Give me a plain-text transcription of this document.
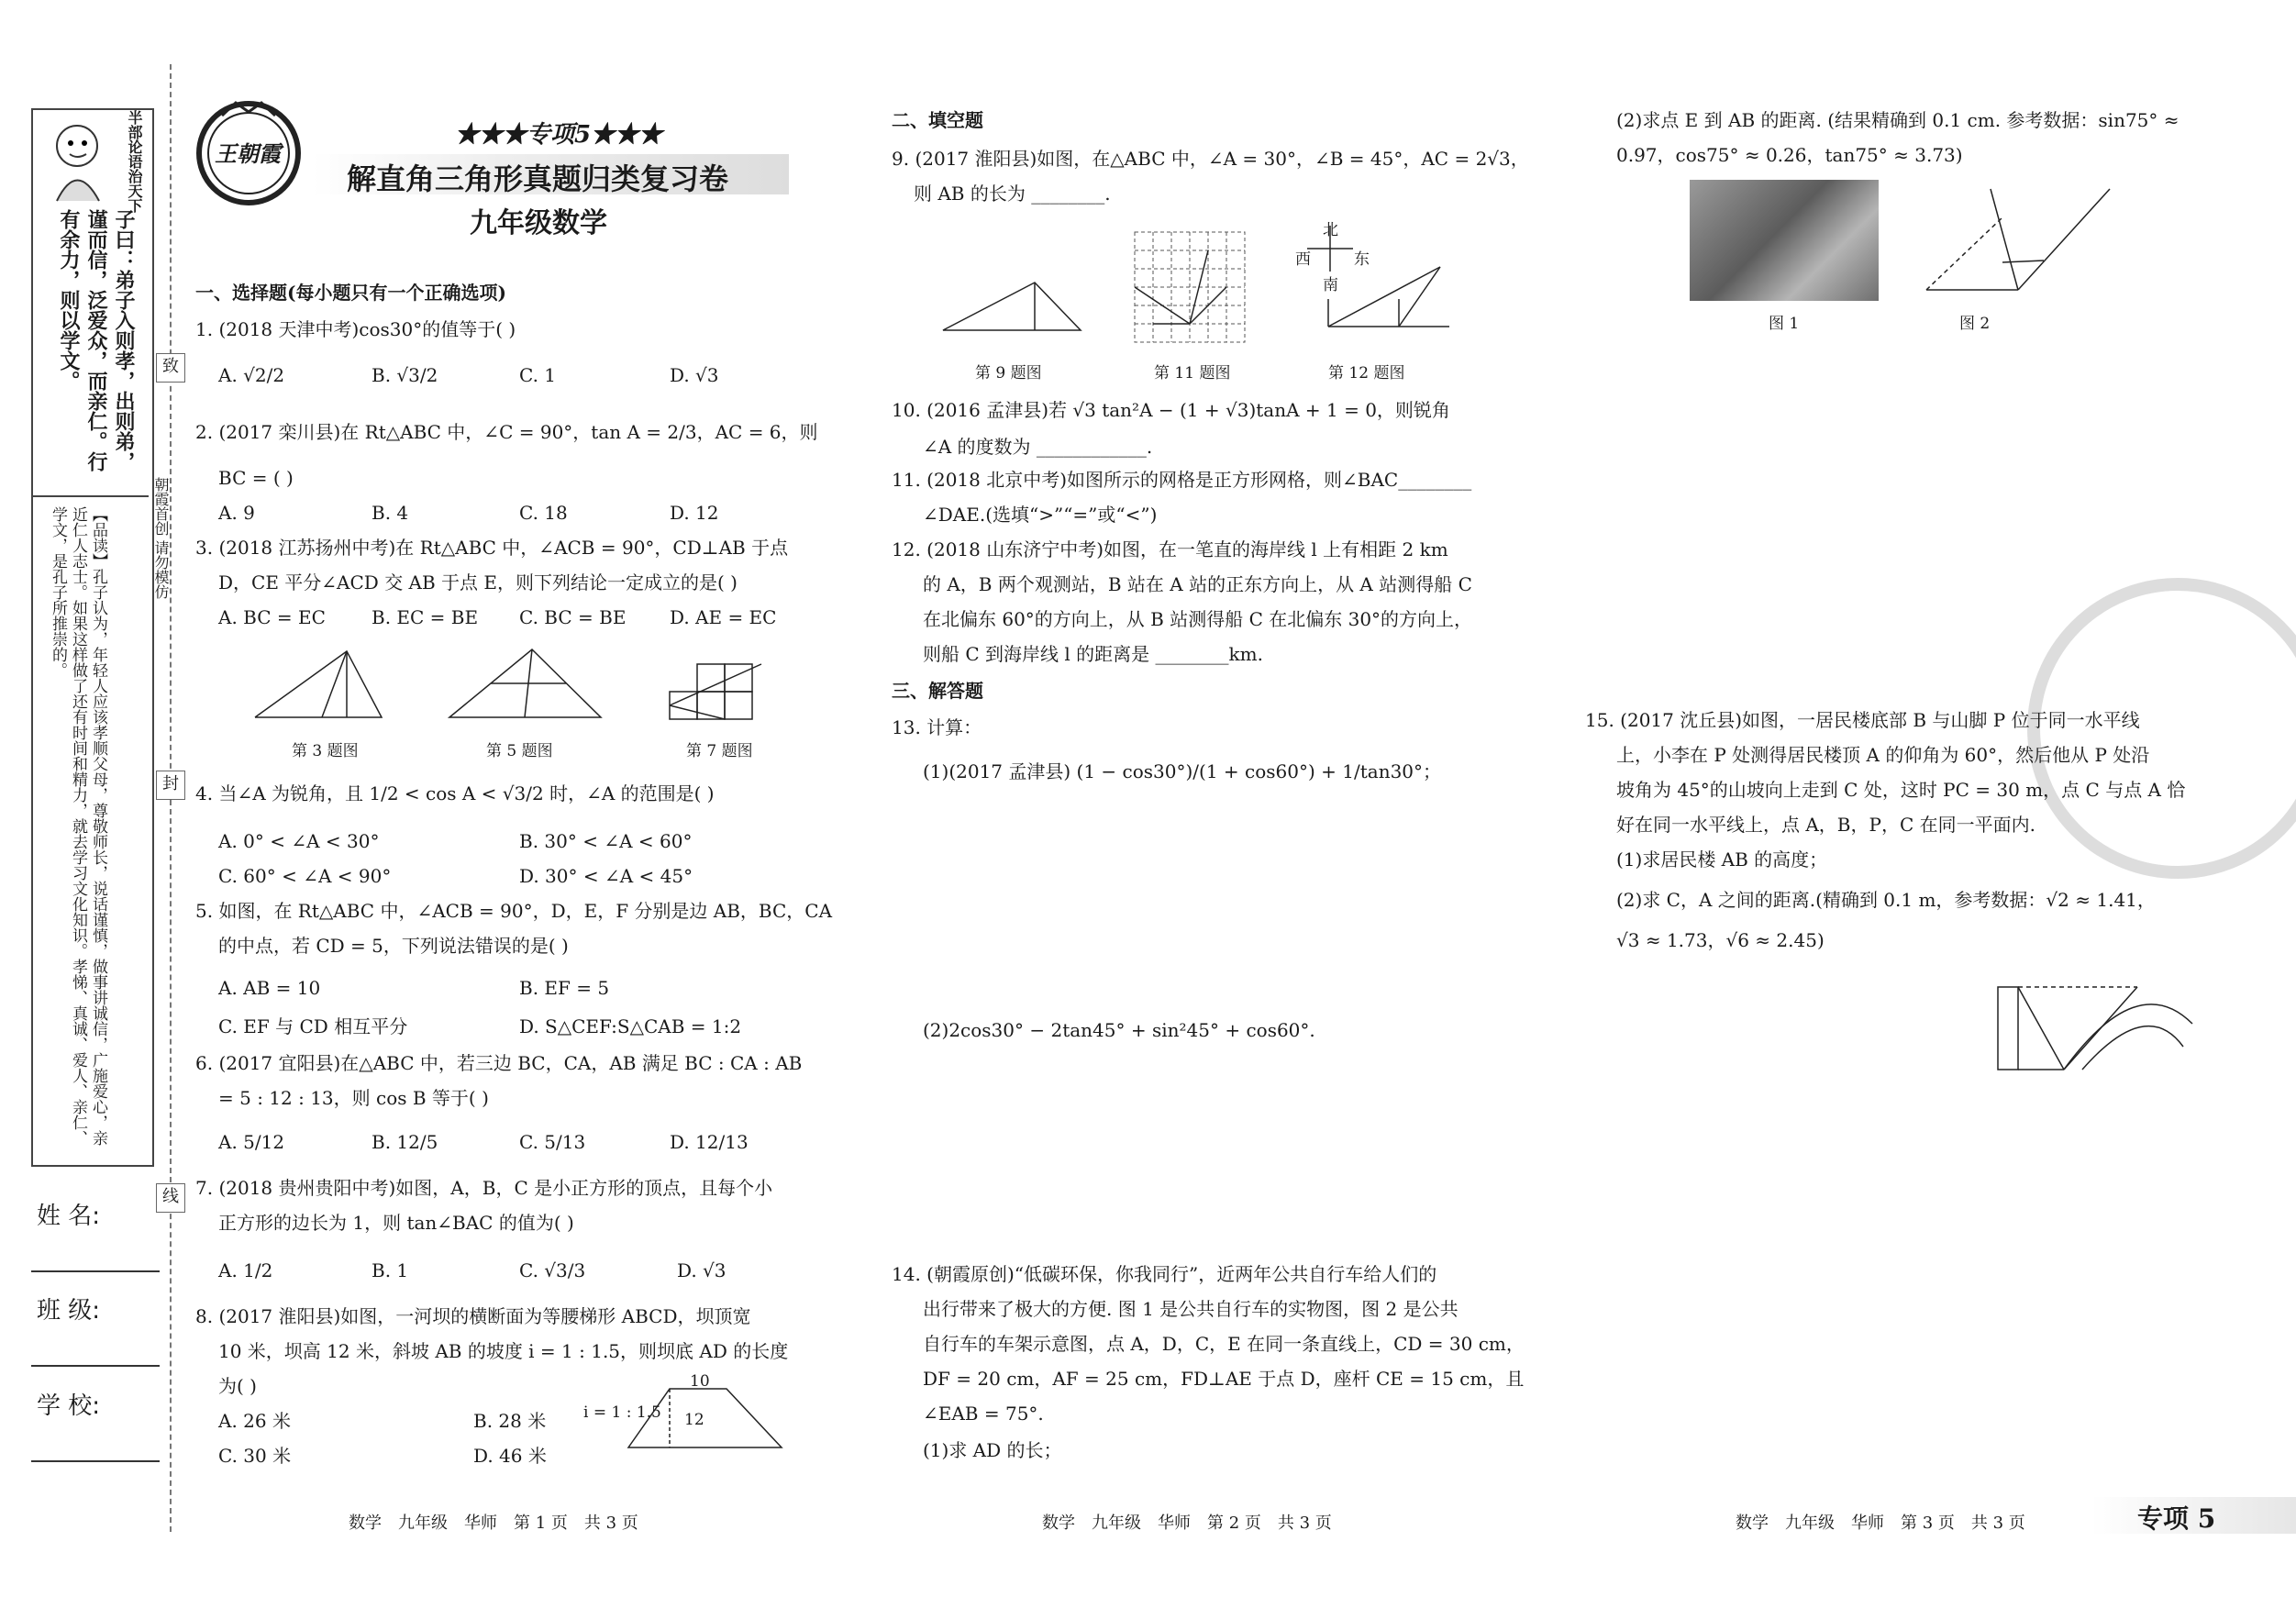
半部论语治天下
子曰：弟子入则孝，出则弟，谨而信，泛爱众，而亲仁。行有余力，则以学文。
【品读】孔子认为，年轻人应该孝顺父母，尊敬师长，说话谨慎，做事讲诚信，广施爱心，亲近仁人志士。如果这样做了还有时间和精力，就去学习文化知识。孝悌、真诚、爱人、亲仁、学文，是孔子所推崇的。
姓 名:
班 级:
学 校:
致
封
线
朝霞首创 请勿模仿
王朝霞
★★★专项5★★★
解直角三角形真题归类复习卷
九年级数学
一、选择题(每小题只有一个正确选项)
1. (2018 天津中考)cos30°的值等于( )
A. √2/2	B. √3/2	C. 1	D. √3
2. (2017 栾川县)在 Rt△ABC 中，∠C = 90°，tan A = 2/3，AC = 6，则
BC = ( )
A. 9	B. 4	C. 18	D. 12
3. (2018 江苏扬州中考)在 Rt△ABC 中，∠ACB = 90°，CD⊥AB 于点
D，CE 平分∠ACD 交 AB 于点 E，则下列结论一定成立的是( )
A. BC = EC	B. EC = BE C. BC = BE D. AE = EC
第 3 题图	第 5 题图	第 7 题图
4. 当∠A 为锐角，且 1/2 < cos A < √3/2 时，∠A 的范围是( )
A. 0° < ∠A < 30°	B. 30° < ∠A < 60°
C. 60° < ∠A < 90°	D. 30° < ∠A < 45°
5. 如图，在 Rt△ABC 中，∠ACB = 90°，D，E，F 分别是边 AB，BC，CA
的中点，若 CD = 5，下列说法错误的是( )
A. AB = 10	B. EF = 5
C. EF 与 CD 相互平分	D. S△CEF:S△CAB = 1:2
6. (2017 宜阳县)在△ABC 中，若三边 BC，CA，AB 满足 BC : CA : AB
= 5 : 12 : 13，则 cos B 等于( )
A. 5/12	B. 12/5	C. 5/13	D. 12/13
7. (2018 贵州贵阳中考)如图，A，B，C 是小正方形的顶点，且每个小
正方形的边长为 1，则 tan∠BAC 的值为( )
A. 1/2	B. 1	C. √3/3	D. √3
8. (2017 淮阳县)如图，一河坝的横断面为等腰梯形 ABCD，坝顶宽
10 米，坝高 12 米，斜坡 AB 的坡度 i = 1 : 1.5，则坝底 AD 的长度
为( )
A. 26 米	B. 28 米
C. 30 米	D. 46 米
i = 1 : 1.5
10
12
二、填空题
9. (2017 淮阳县)如图，在△ABC 中，∠A = 30°，∠B = 45°，AC = 2√3，
则 AB 的长为 ________.
第 9 题图	第 11 题图
北
南
西	东
第 12 题图
10. (2016 孟津县)若 √3 tan²A − (1 + √3)tanA + 1 = 0，则锐角
∠A 的度数为 ____________.
11. (2018 北京中考)如图所示的网格是正方形网格，则∠BAC________
∠DAE.(选填“>”“=”或“<”)
12. (2018 山东济宁中考)如图，在一笔直的海岸线 l 上有相距 2 km
的 A，B 两个观测站，B 站在 A 站的正东方向上，从 A 站测得船 C
在北偏东 60°的方向上，从 B 站测得船 C 在北偏东 30°的方向上，
则船 C 到海岸线 l 的距离是 ________km.
三、解答题
13. 计算：
(1)(2017 孟津县) (1 − cos30°)/(1 + cos60°) + 1/tan30°；
(2)2cos30° − 2tan45° + sin²45° + cos60°.
14. (朝霞原创)“低碳环保，你我同行”，近两年公共自行车给人们的
出行带来了极大的方便. 图 1 是公共自行车的实物图，图 2 是公共
自行车的车架示意图，点 A，D，C，E 在同一条直线上，CD = 30 cm，
DF = 20 cm，AF = 25 cm，FD⊥AE 于点 D，座杆 CE = 15 cm，且
∠EAB = 75°.
(1)求 AD 的长；
(2)求点 E 到 AB 的距离. (结果精确到 0.1 cm. 参考数据：sin75° ≈
0.97，cos75° ≈ 0.26，tan75° ≈ 3.73)
图 1	图 2
15. (2017 沈丘县)如图，一居民楼底部 B 与山脚 P 位于同一水平线
上，小李在 P 处测得居民楼顶 A 的仰角为 60°，然后他从 P 处沿
坡角为 45°的山坡向上走到 C 处，这时 PC = 30 m，点 C 与点 A 恰
好在同一水平线上，点 A，B，P，C 在同一平面内.
(1)求居民楼 AB 的高度；
(2)求 C，A 之间的距离.(精确到 0.1 m，参考数据：√2 ≈ 1.41，
√3 ≈ 1.73，√6 ≈ 2.45)
数学　九年级　华师　第 1 页　共 3 页	数学　九年级　华师　第 2 页　共 3 页	数学　九年级　华师　第 3 页　共 3 页	专项 5
